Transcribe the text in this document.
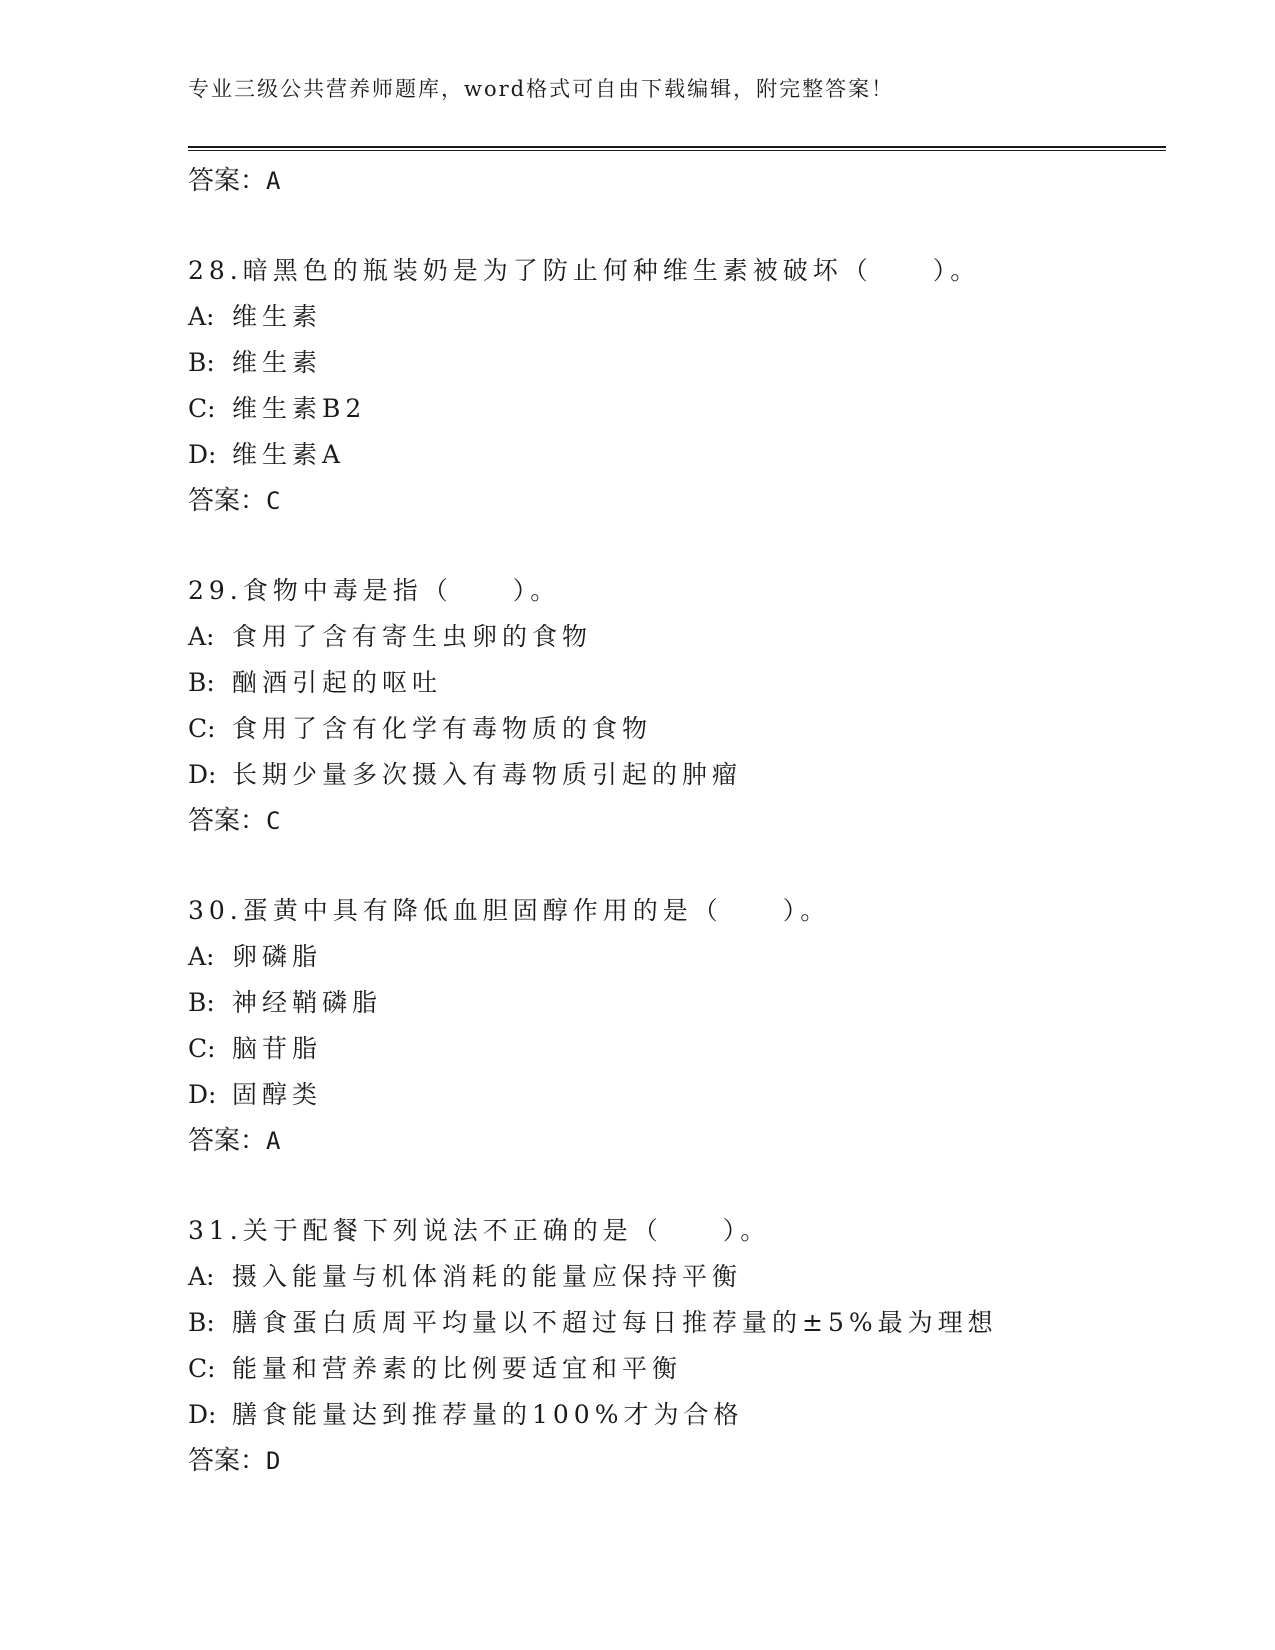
专业三级公共营养师题库，word格式可自由下载编辑，附完整答案！
答案：A
28.暗黑色的瓶装奶是为了防止何种维生素被破坏（　　）。
A: 维生素
B: 维生素
C: 维生素B2
D: 维生素A
答案：C
29.食物中毒是指（　　）。
A: 食用了含有寄生虫卵的食物
B: 酗酒引起的呕吐
C: 食用了含有化学有毒物质的食物
D: 长期少量多次摄入有毒物质引起的肿瘤
答案：C
30.蛋黄中具有降低血胆固醇作用的是（　　）。
A: 卵磷脂
B: 神经鞘磷脂
C: 脑苷脂
D: 固醇类
答案：A
31.关于配餐下列说法不正确的是（　　）。
A: 摄入能量与机体消耗的能量应保持平衡
B: 膳食蛋白质周平均量以不超过每日推荐量的±5%最为理想
C: 能量和营养素的比例要适宜和平衡
D: 膳食能量达到推荐量的100%才为合格
答案：D
